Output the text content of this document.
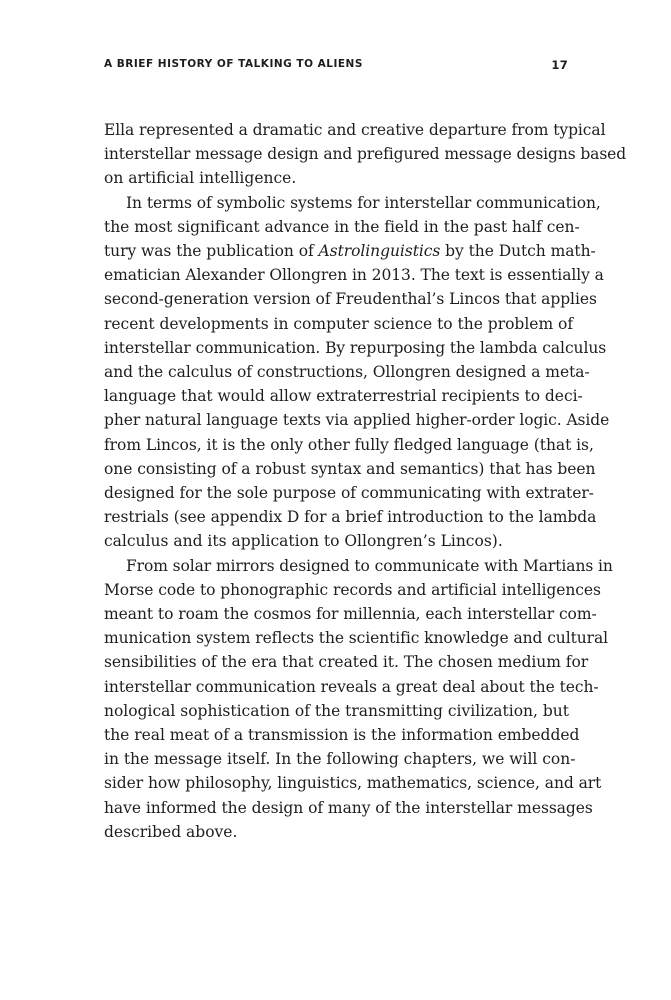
A BRIEF HISTORY OF TALKING TO ALIENS	17

Ella represented a dramatic and creative departure from typical
interstellar message design and prefigured message designs based
on artificial intelligence.

In terms of symbolic systems for interstellar communication,
the most significant advance in the field in the past half cen-
tury was the publication of Astrolinguistics by the Dutch math-
ematician Alexander Ollongren in 2013. The text is essentially a
second-generation version of Freudenthal’s Lincos that applies
recent developments in computer science to the problem of
interstellar communication. By repurposing the lambda calculus
and the calculus of constructions, Ollongren designed a meta-
language that would allow extraterrestrial recipients to deci-
pher natural language texts via applied higher-order logic. Aside
from Lincos, it is the only other fully fledged language (that is,
one consisting of a robust syntax and semantics) that has been
designed for the sole purpose of communicating with extrater-
restrials (see appendix D for a brief introduction to the lambda
calculus and its application to Ollongren’s Lincos).

From solar mirrors designed to communicate with Martians in
Morse code to phonographic records and artificial intelligences
meant to roam the cosmos for millennia, each interstellar com-
munication system reflects the scientific knowledge and cultural
sensibilities of the era that created it. The chosen medium for
interstellar communication reveals a great deal about the tech-
nological sophistication of the transmitting civilization, but
the real meat of a transmission is the information embedded
in the message itself. In the following chapters, we will con-
sider how philosophy, linguistics, mathematics, science, and art
have informed the design of many of the interstellar messages
described above.
